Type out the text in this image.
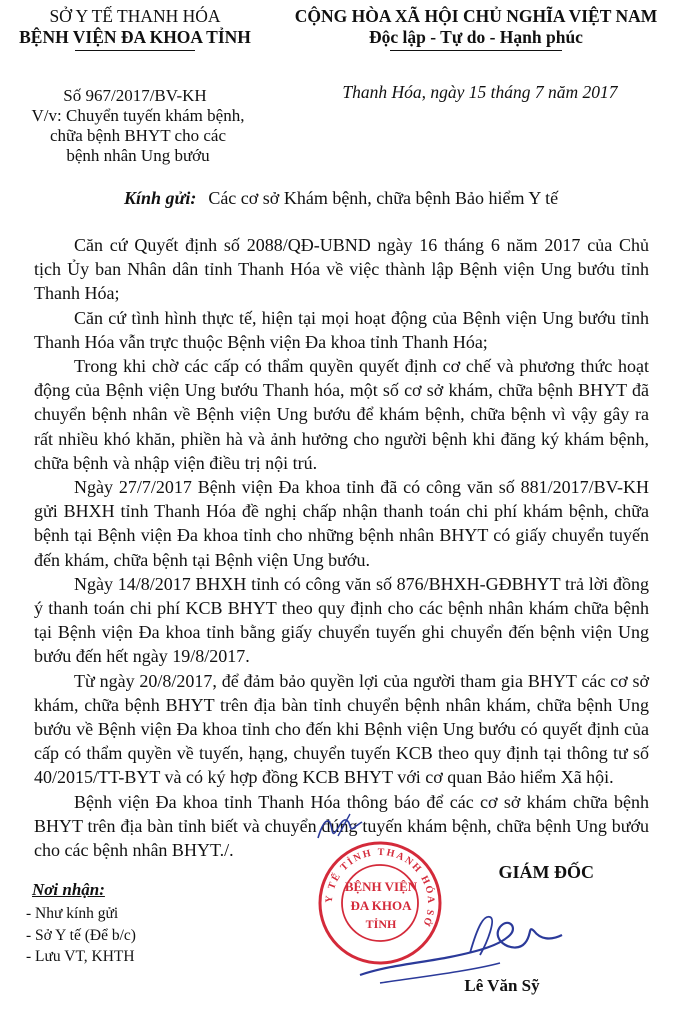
SỞ Y TẾ THANH HÓA
BỆNH VIỆN ĐA KHOA TỈNH
CỘNG HÒA XÃ HỘI CHỦ NGHĨA VIỆT NAM
Độc lập - Tự do - Hạnh phúc
Số 967/2017/BV-KH
V/v: Chuyển tuyến khám bệnh,
chữa bệnh BHYT cho các
bệnh nhân Ung bướu
Thanh Hóa, ngày 15 tháng 7 năm 2017
Kính gửi: Các cơ sở Khám bệnh, chữa bệnh Bảo hiểm Y tế

Căn cứ Quyết định số 2088/QĐ-UBND ngày 16 tháng 6 năm 2017 của Chủ tịch Ủy ban Nhân dân tỉnh Thanh Hóa về việc thành lập Bệnh viện Ung bướu tỉnh Thanh Hóa;

Căn cứ tình hình thực tế, hiện tại mọi hoạt động của Bệnh viện Ung bướu tỉnh Thanh Hóa vẫn trực thuộc Bệnh viện Đa khoa tỉnh Thanh Hóa;

Trong khi chờ các cấp có thẩm quyền quyết định cơ chế và phương thức hoạt động của Bệnh viện Ung bướu Thanh hóa, một số cơ sở khám, chữa bệnh BHYT đã chuyển bệnh nhân về Bệnh viện Ung bướu để khám bệnh, chữa bệnh vì vậy gây ra rất nhiều khó khăn, phiền hà và ảnh hưởng cho người bệnh khi đăng ký khám bệnh, chữa bệnh và nhập viện điều trị nội trú.

Ngày 27/7/2017 Bệnh viện Đa khoa tỉnh đã có công văn số 881/2017/BV-KH gửi BHXH tỉnh Thanh Hóa đề nghị chấp nhận thanh toán chi phí khám bệnh, chữa bệnh tại Bệnh viện Đa khoa tỉnh cho những bệnh nhân BHYT có giấy chuyển tuyến đến khám, chữa bệnh tại Bệnh viện Ung bướu.

Ngày 14/8/2017 BHXH tỉnh có công văn số 876/BHXH-GĐBHYT trả lời đồng ý thanh toán chi phí KCB BHYT theo quy định cho các bệnh nhân khám chữa bệnh tại Bệnh viện Đa khoa tỉnh bằng giấy chuyển tuyến ghi chuyển đến bệnh viện Ung bướu đến hết ngày 19/8/2017.

Từ ngày 20/8/2017, để đảm bảo quyền lợi của người tham gia BHYT các cơ sở khám, chữa bệnh BHYT trên địa bàn tỉnh chuyển bệnh nhân khám, chữa bệnh Ung bướu về Bệnh viện Đa khoa tỉnh cho đến khi Bệnh viện Ung bướu có quyết định của cấp có thẩm quyền về tuyến, hạng, chuyển tuyến KCB theo quy định tại thông tư số 40/2015/TT-BYT và có ký hợp đồng KCB BHYT với cơ quan Bảo hiểm Xã hội.

Bệnh viện Đa khoa tỉnh Thanh Hóa thông báo để các cơ sở khám chữa bệnh BHYT trên địa bàn tỉnh biết và chuyển đúng tuyến khám bệnh, chữa bệnh Ung bướu cho các bệnh nhân BHYT./.

Nơi nhận:
- Như kính gửi
- Sở Y tế (Để b/c)
- Lưu VT, KHTH
GIÁM ĐỐC
Y TẾ TỈNH THANH HÓA SỞ
BỆNH VIỆN
ĐA KHOA
TỈNH
Lê Văn Sỹ
